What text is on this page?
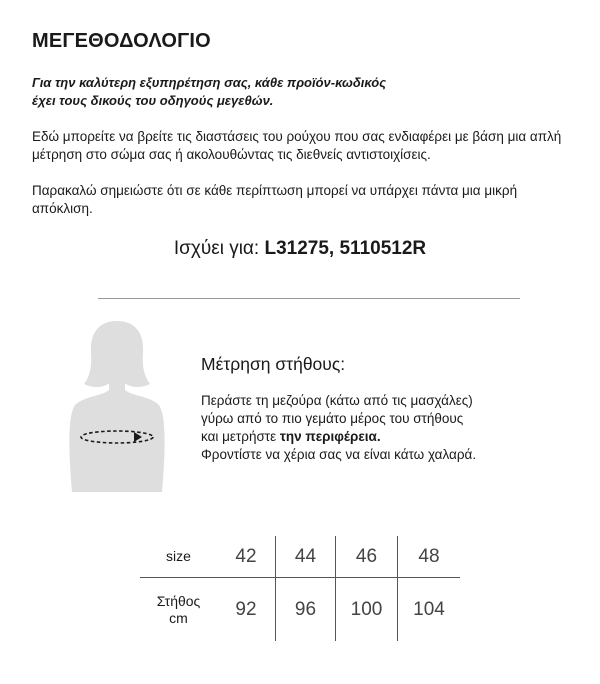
ΜΕΓΕΘΟΔΟΛΟΓΙΟ
Για την καλύτερη εξυπηρέτηση σας, κάθε προϊόν-κωδικός
έχει τους δικούς του οδηγούς μεγεθών.
Εδώ μπορείτε να βρείτε τις διαστάσεις του ρούχου που σας ενδιαφέρει με βάση μια απλή μέτρηση στο σώμα σας ή ακολουθώντας τις διεθνείς αντιστοιχίσεις.
Παρακαλώ σημειώστε ότι σε κάθε περίπτωση μπορεί να υπάρχει πάντα μια μικρή απόκλιση.
Ισχύει για: L31275, 5110512R
Μέτρηση στήθους:
Περάστε τη μεζούρα (κάτω από τις μασχάλες)
γύρω από το πιο γεμάτο μέρος του στήθους
και μετρήστε την περιφέρεια.
Φροντίστε να χέρια σας να είναι κάτω χαλαρά.
size	42	44	46	48

Στήθος
cm	92	96	100	104
